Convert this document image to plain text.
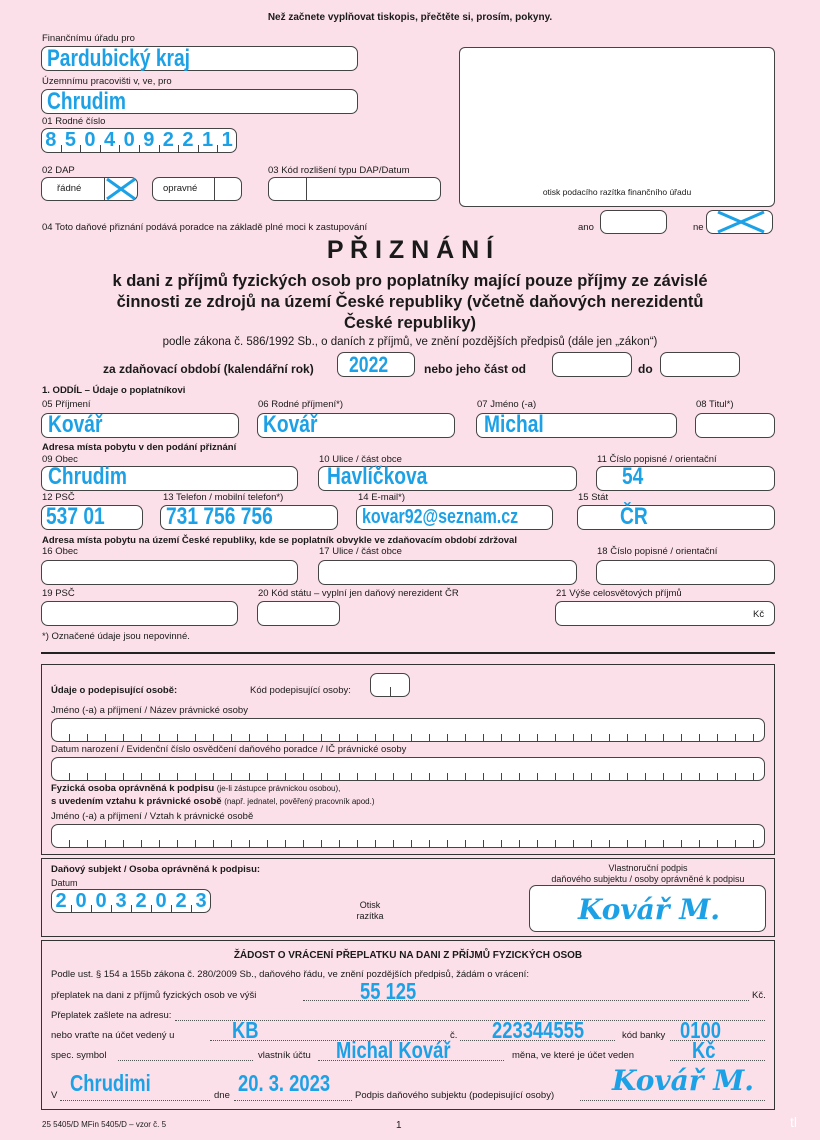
Než začnete vyplňovat tiskopis, přečtěte si, prosím, pokyny.
Finančnímu úřadu pro
Pardubický kraj
Územnímu pracovišti v, ve, pro
Chrudim
01 Rodné číslo
8 5 0 4 0 9 2 2 1 1
02 DAP
řádné	opravné
03 Kód rozlišení typu DAP/Datum
otisk podacího razítka finančního úřadu
04 Toto daňové přiznání podává poradce na základě plné moci k zastupování	ano	ne
P Ř I Z N Á N Í
k dani z příjmů fyzických osob pro poplatníky mající pouze příjmy ze závislé
činnosti ze zdrojů na území České republiky (včetně daňových nerezidentů
České republiky)
podle zákona č. 586/1992 Sb., o daních z příjmů, ve znění pozdějších předpisů (dále jen „zákon“)
za zdaňovací období (kalendářní rok) 2022	nebo jeho část od	do
1. ODDÍL – Údaje o poplatníkovi
05 Příjmení
Kovář
06 Rodné příjmení*)
Kovář
07 Jméno (-a)
Michal
08 Titul*)
Adresa místa pobytu v den podání přiznání
09 Obec
Chrudim
10 Ulice / část obce
Havlíčkova
11 Číslo popisné / orientační
54
12 PSČ
537 01
13 Telefon / mobilní telefon*)
731 756 756
14 E-mail*)
kovar92@seznam.cz
15 Stát
ČR
Adresa místa pobytu na území České republiky, kde se poplatník obvykle ve zdaňovacím období zdržoval
16 Obec	17 Ulice / část obce	18 Číslo popisné / orientační
19 PSČ	20 Kód státu – vyplní jen daňový nerezident ČR	21 Výše celosvětových příjmů
Kč
*) Označené údaje jsou nepovinné.
Údaje o podepisující osobě:	Kód podepisující osoby:
Jméno (-a) a příjmení / Název právnické osoby
Datum narození / Evidenční číslo osvědčení daňového poradce / IČ právnické osoby
Fyzická osoba oprávněná k podpisu (je-li zástupce právnickou osobou),
s uvedením vztahu k právnické osobě (např. jednatel, pověřený pracovník apod.)
Jméno (-a) a příjmení / Vztah k právnické osobě
Daňový subjekt / Osoba oprávněná k podpisu:
Datum
2 0 0 3 2 0 2 3	Otisk
razítka
Vlastnoruční podpis
daňového subjektu / osoby oprávněné k podpisu
Kovář M.
ŽÁDOST O VRÁCENÍ PŘEPLATKU NA DANI Z PŘÍJMŮ FYZICKÝCH OSOB
Podle ust. § 154 a 155b zákona č. 280/2009 Sb., daňového řádu, ve znění pozdějších předpisů, žádám o vrácení:
přeplatek na dani z příjmů fyzických osob ve výši	55 125	Kč.
Přeplatek zašlete na adresu:
nebo vraťte na účet vedený u	KB	č. 223344555	kód banky 0100
spec. symbol	vlastník účtu Michal Kovář	měna, ve které je účet veden	Kč
V Chrudimi	dne 20. 3. 2023	Podpis daňového subjektu (podepisující osoby) Kovář M.
25 5405/D MFin 5405/D – vzor č. 5	1	tl
